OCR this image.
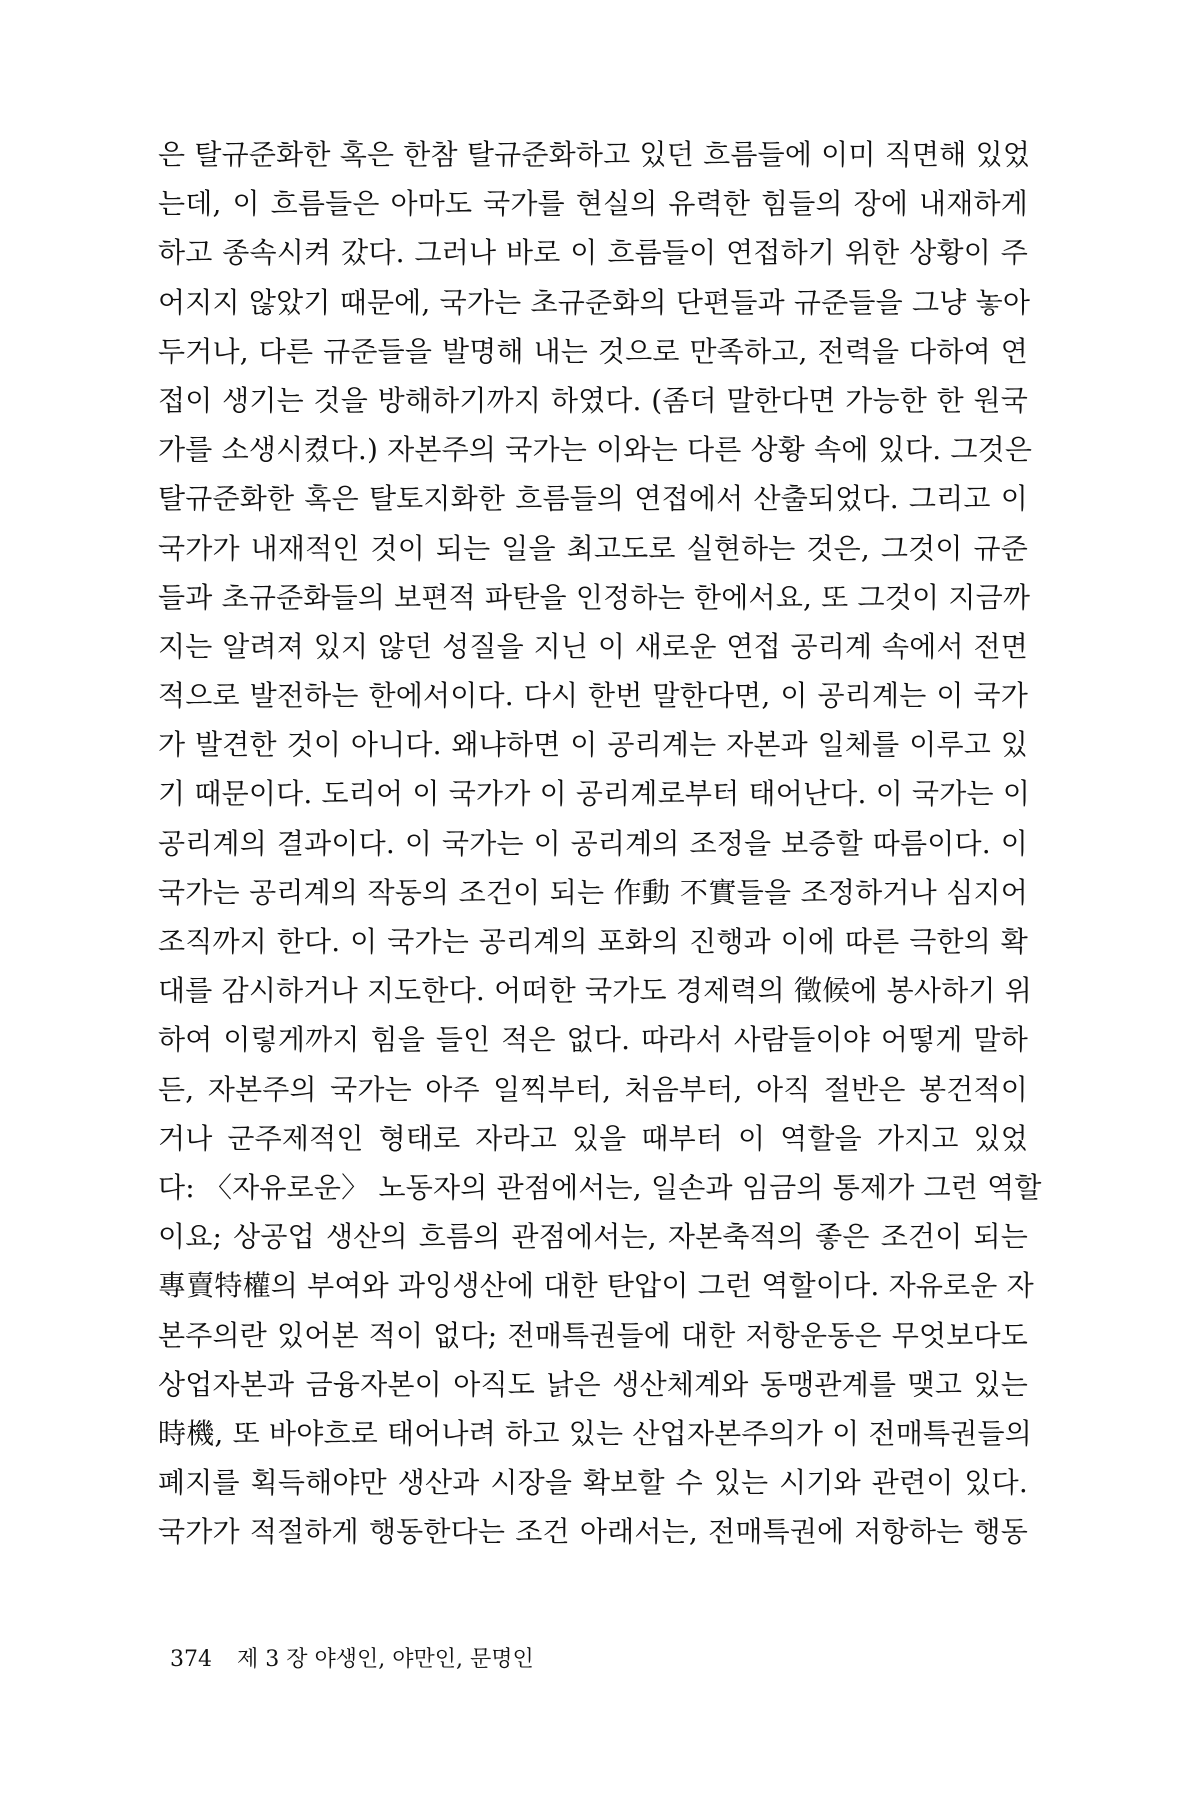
은 탈규준화한 혹은 한참 탈규준화하고 있던 흐름들에 이미 직면해 있었
는데, 이 흐름들은 아마도 국가를 현실의 유력한 힘들의 장에 내재하게
하고 종속시켜 갔다. 그러나 바로 이 흐름들이 연접하기 위한 상황이 주
어지지 않았기 때문에, 국가는 초규준화의 단편들과 규준들을 그냥 놓아
두거나, 다른 규준들을 발명해 내는 것으로 만족하고, 전력을 다하여 연
접이 생기는 것을 방해하기까지 하였다. (좀더 말한다면 가능한 한 원국
가를 소생시켰다.) 자본주의 국가는 이와는 다른 상황 속에 있다. 그것은
탈규준화한 혹은 탈토지화한 흐름들의 연접에서 산출되었다. 그리고 이
국가가 내재적인 것이 되는 일을 최고도로 실현하는 것은, 그것이 규준
들과 초규준화들의 보편적 파탄을 인정하는 한에서요, 또 그것이 지금까
지는 알려져 있지 않던 성질을 지닌 이 새로운 연접 공리계 속에서 전면
적으로 발전하는 한에서이다. 다시 한번 말한다면, 이 공리계는 이 국가
가 발견한 것이 아니다. 왜냐하면 이 공리계는 자본과 일체를 이루고 있
기 때문이다. 도리어 이 국가가 이 공리계로부터 태어난다. 이 국가는 이
공리계의 결과이다. 이 국가는 이 공리계의 조정을 보증할 따름이다. 이
국가는 공리계의 작동의 조건이 되는 作動 不實들을 조정하거나 심지어
조직까지 한다. 이 국가는 공리계의 포화의 진행과 이에 따른 극한의 확
대를 감시하거나 지도한다. 어떠한 국가도 경제력의 徵候에 봉사하기 위
하여 이렇게까지 힘을 들인 적은 없다. 따라서 사람들이야 어떻게 말하
든, 자본주의 국가는 아주 일찍부터, 처음부터, 아직 절반은 봉건적이
거나 군주제적인 형태로 자라고 있을 때부터 이 역할을 가지고 있었
다: 〈자유로운〉 노동자의 관점에서는, 일손과 임금의 통제가 그런 역할
이요; 상공업 생산의 흐름의 관점에서는, 자본축적의 좋은 조건이 되는
專賣特權의 부여와 과잉생산에 대한 탄압이 그런 역할이다. 자유로운 자
본주의란 있어본 적이 없다; 전매특권들에 대한 저항운동은 무엇보다도
상업자본과 금융자본이 아직도 낡은 생산체계와 동맹관계를 맺고 있는
時機, 또 바야흐로 태어나려 하고 있는 산업자본주의가 이 전매특권들의
폐지를 획득해야만 생산과 시장을 확보할 수 있는 시기와 관련이 있다.
국가가 적절하게 행동한다는 조건 아래서는, 전매특권에 저항하는 행동
374 제 3 장 야생인, 야만인, 문명인
